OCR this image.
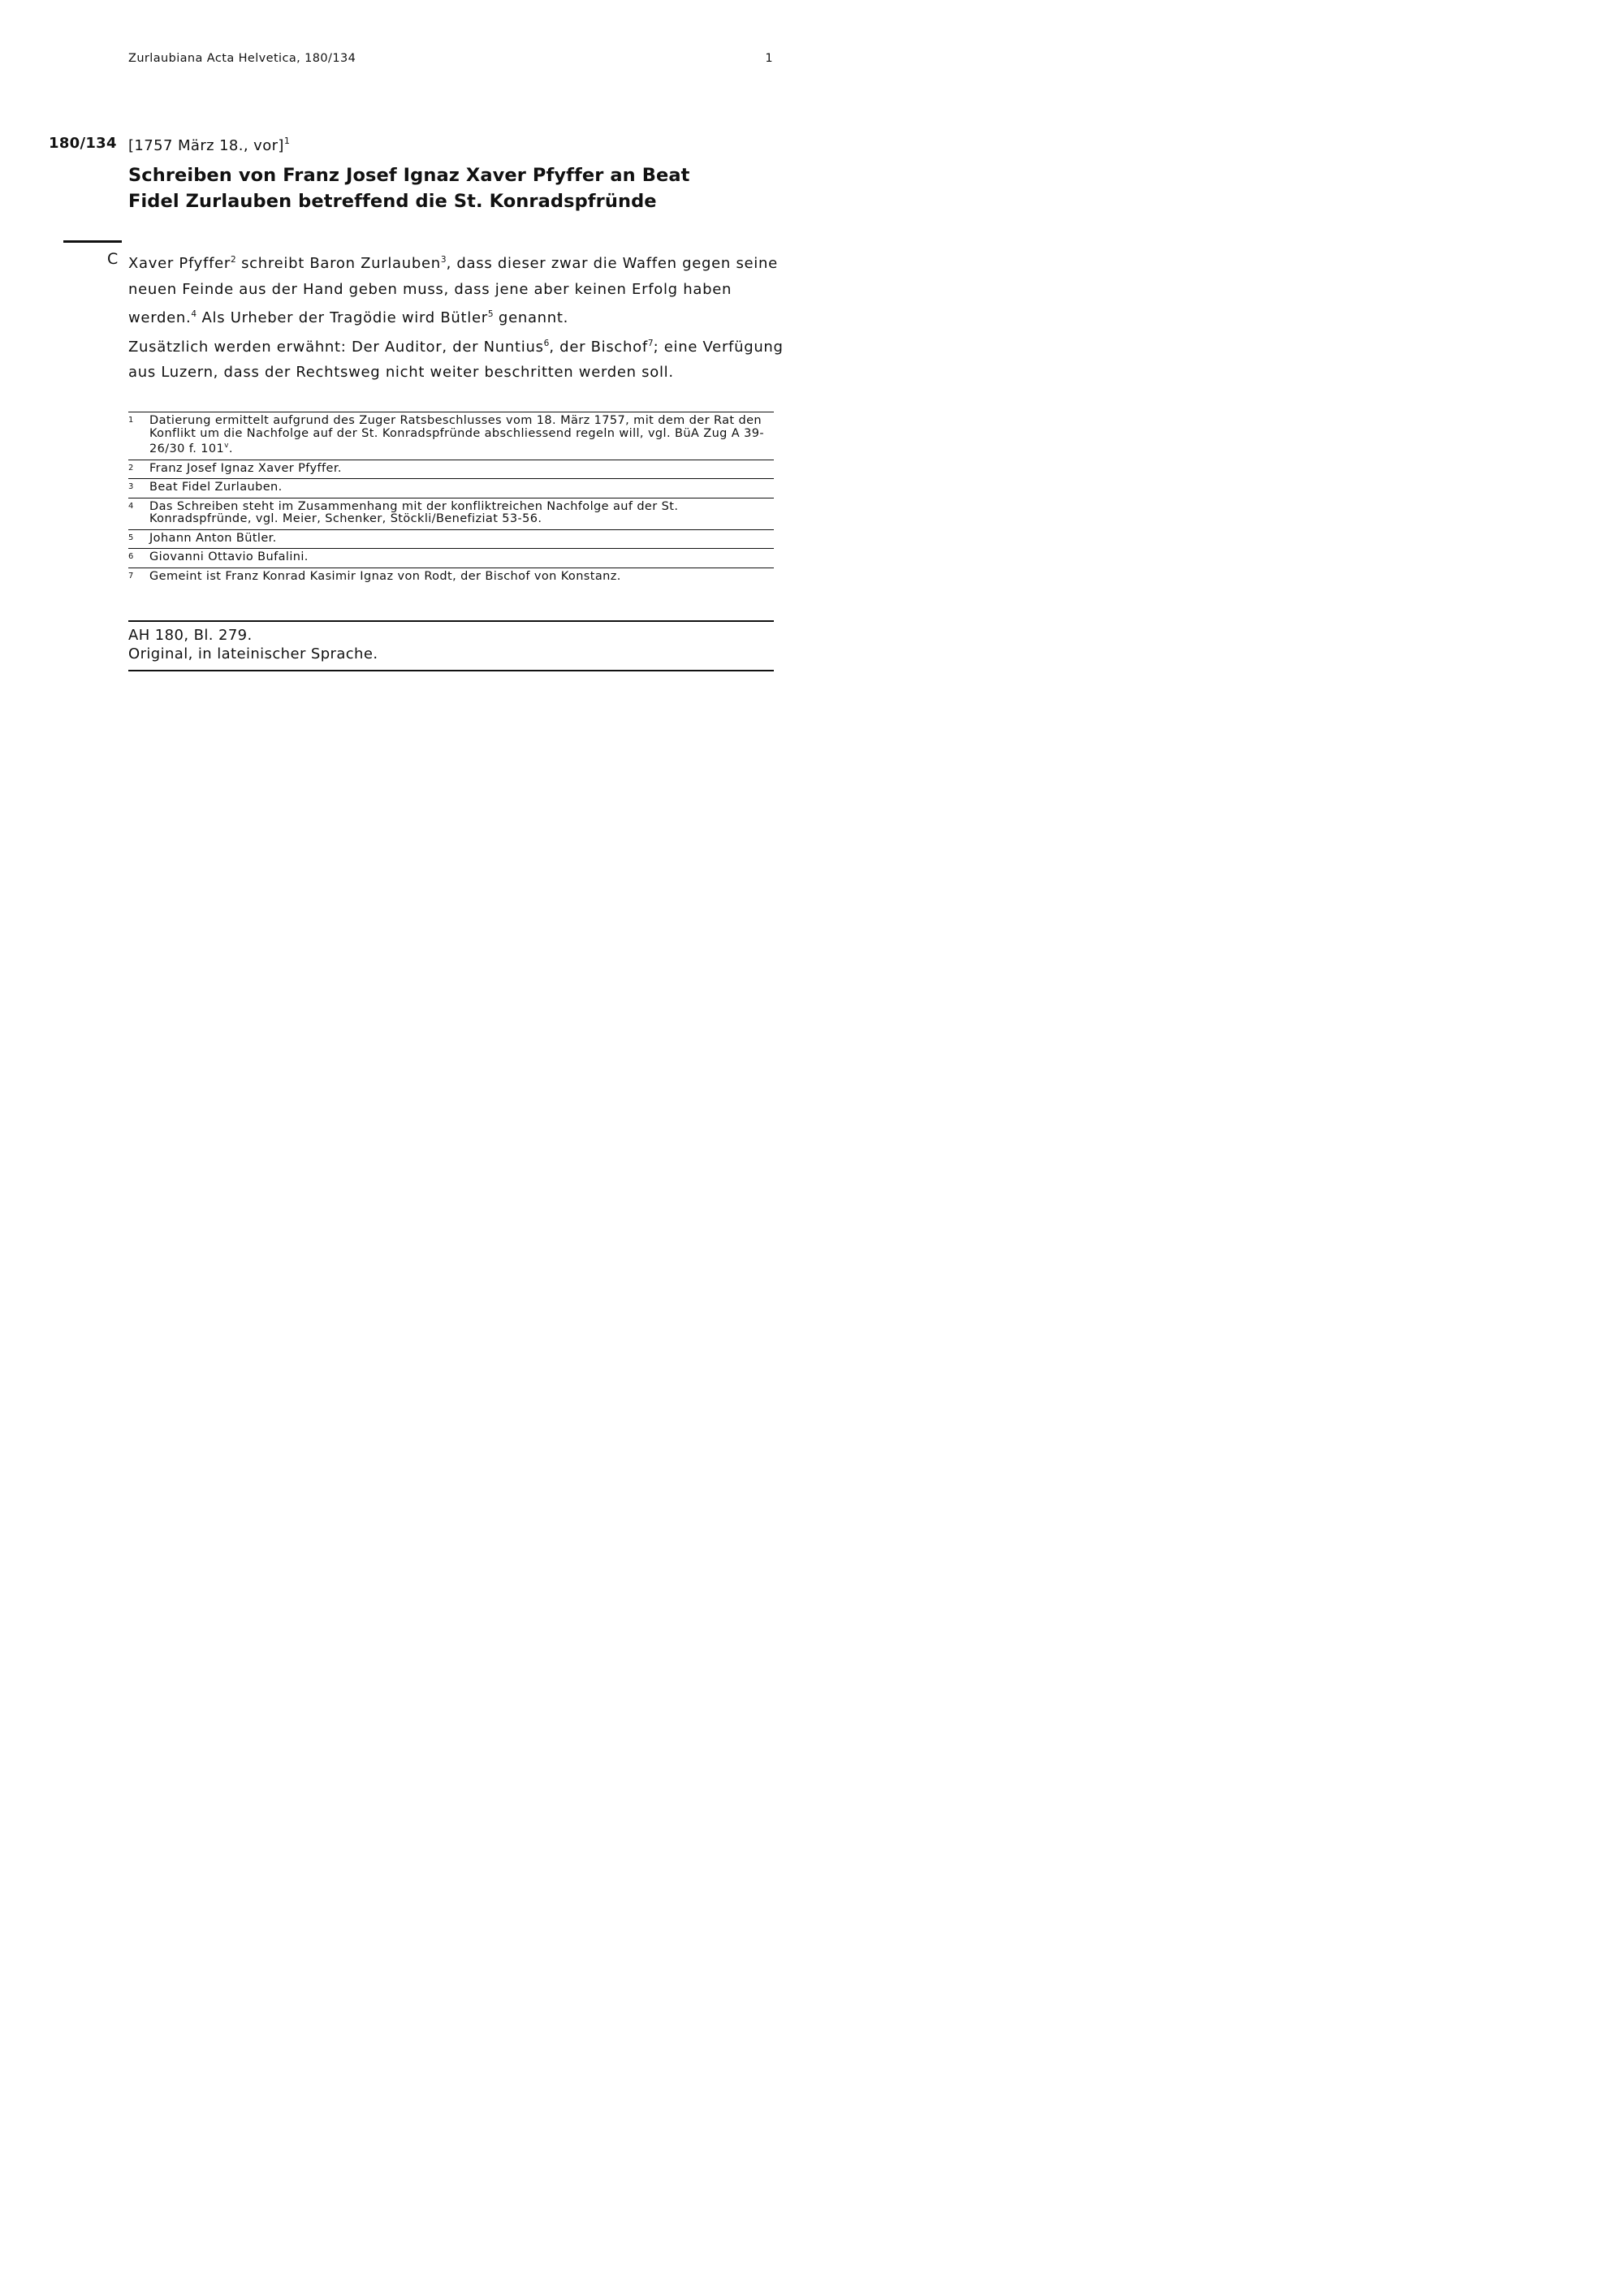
Zurlaubiana Acta Helvetica, 180/134	1
180/134 [1757 März 18., vor]$^1$
Schreiben von Franz Josef Ignaz Xaver Pfyffer an Beat Fidel Zurlauben betreffend die St. Konradspfründe
C Xaver Pfyffer$^2$ schreibt Baron Zurlauben$^3$, dass dieser zwar die Waffen gegen seine neuen Feinde aus der Hand geben muss, dass jene aber keinen Erfolg haben werden.$^4$ Als Urheber der Tragödie wird Bütler$^5$ genannt.

Zusätzlich werden erwähnt: Der Auditor, der Nuntius$^6$, der Bischof$^7$; eine Verfügung aus Luzern, dass der Rechtsweg nicht weiter beschritten werden soll.

1 Datierung ermittelt aufgrund des Zuger Ratsbeschlusses vom 18. März 1757, mit dem der Rat den Konflikt um die Nachfolge auf der St. Konradspfründe abschliessend regeln will, vgl. BüA Zug A 39-26/30 f. 101$^v$.
2 Franz Josef Ignaz Xaver Pfyffer.
3 Beat Fidel Zurlauben.
4 Das Schreiben steht im Zusammenhang mit der konfliktreichen Nachfolge auf der St. Konradspfründe, vgl. Meier, Schenker, Stöckli/Benefiziat 53-56.
5 Johann Anton Bütler.
6 Giovanni Ottavio Bufalini.
7 Gemeint ist Franz Konrad Kasimir Ignaz von Rodt, der Bischof von Konstanz.
AH 180, Bl. 279.
Original, in lateinischer Sprache.
